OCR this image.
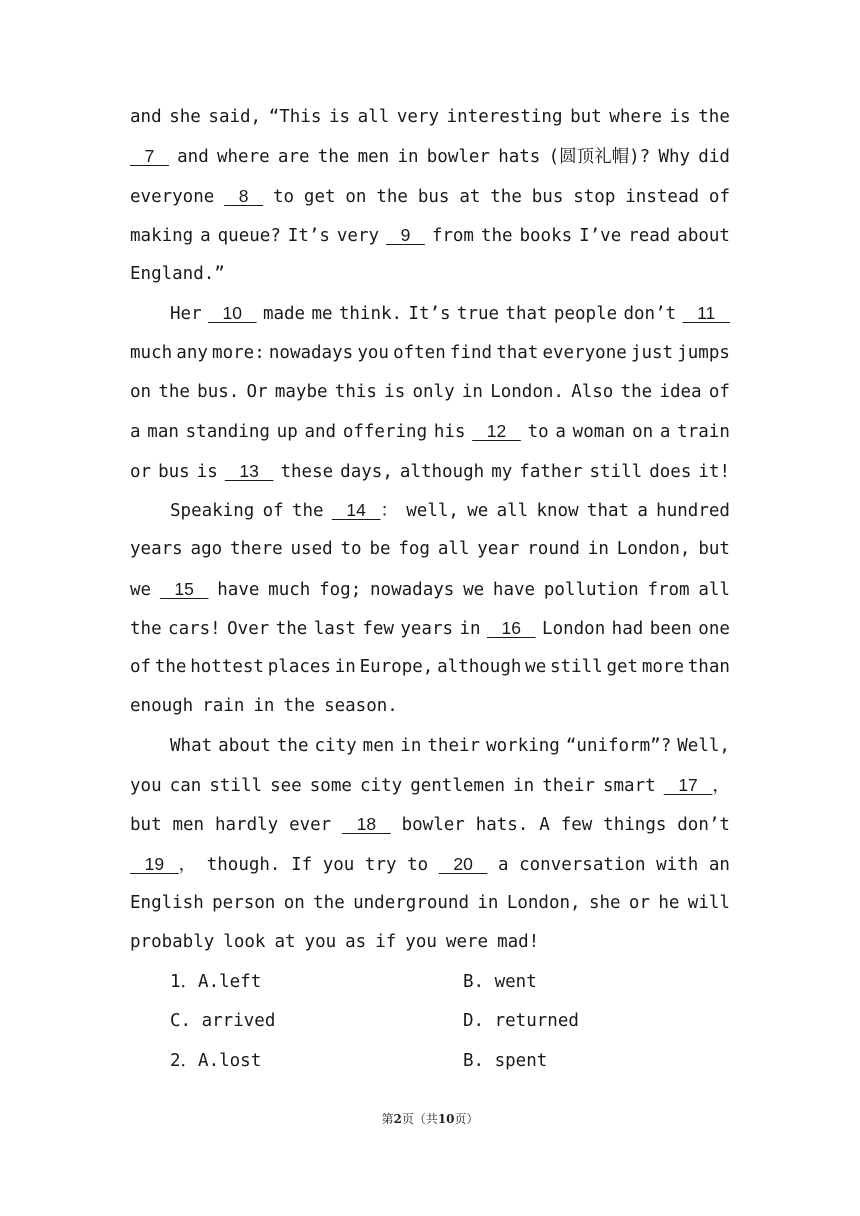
and she said, “This is all very interesting but where is the
7 and where are the men in bowler hats (圆顶礼帽)? Why did
everyone 8 to get on the bus at the bus stop instead of
making a queue? It’s very 9 from the books I’ve read about
England.”
Her 10 made me think. It’s true that people don’t 11
much any more: nowadays you often find that everyone just jumps
on the bus. Or maybe this is only in London. Also the idea of
a man standing up and offering his 12 to a woman on a train
or bus is 13 these days, although my father still does it!
Speaking of the 14   ： well, we all know that a hundred
years ago there used to be fog all year round in London, but
we 15 have much fog; nowadays we have pollution from all
the cars! Over the last few years in 16 London had been one
of the hottest places in Europe, although we still get more than
enough rain in the season.
What about the city men in their working “uniform”? Well,
you can still see some city gentlemen in their smart 17   ，
but men hardly ever 18 bowler hats. A few things don’t
19   ， though. If you try to 20 a conversation with an
English person on the underground in London, she or he will
probably look at you as if you were mad!
1．A.left	B. went
C. arrived	D. returned
2．A.lost	B. spent
第2页（共10页）
